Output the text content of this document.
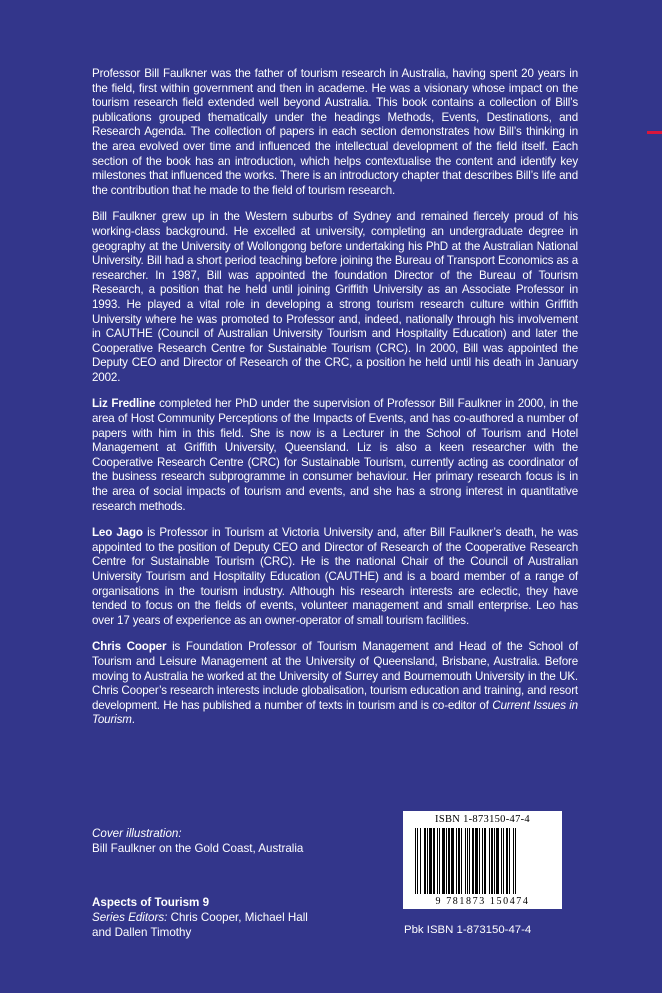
Professor Bill Faulkner was the father of tourism research in Australia, having spent 20 years in the field, first within government and then in academe. He was a visionary whose impact on the tourism research field extended well beyond Australia. This book contains a collection of Bill’s publications grouped thematically under the headings Methods, Events, Destinations, and Research Agenda. The collection of papers in each section demonstrates how Bill’s thinking in the area evolved over time and influenced the intellectual development of the field itself. Each section of the book has an introduction, which helps contextualise the content and identify key milestones that influenced the works. There is an introductory chapter that describes Bill’s life and the contribution that he made to the field of tourism research.

Bill Faulkner grew up in the Western suburbs of Sydney and remained fiercely proud of his working-class background. He excelled at university, completing an undergraduate degree in geography at the University of Wollongong before undertaking his PhD at the Australian National University. Bill had a short period teaching before joining the Bureau of Transport Economics as a researcher. In 1987, Bill was appointed the foundation Director of the Bureau of Tourism Research, a position that he held until joining Griffith University as an Associate Professor in 1993. He played a vital role in developing a strong tourism research culture within Griffith University where he was promoted to Professor and, indeed, nationally through his involvement in CAUTHE (Council of Australian University Tourism and Hospitality Education) and later the Cooperative Research Centre for Sustainable Tourism (CRC). In 2000, Bill was appointed the Deputy CEO and Director of Research of the CRC, a position he held until his death in January 2002.

Liz Fredline completed her PhD under the supervision of Professor Bill Faulkner in 2000, in the area of Host Community Perceptions of the Impacts of Events, and has co-authored a number of papers with him in this field. She is now is a Lecturer in the School of Tourism and Hotel Management at Griffith University, Queensland. Liz is also a keen researcher with the Cooperative Research Centre (CRC) for Sustainable Tourism, currently acting as coordinator of the business research subprogramme in consumer behaviour. Her primary research focus is in the area of social impacts of tourism and events, and she has a strong interest in quantitative research methods.

Leo Jago is Professor in Tourism at Victoria University and, after Bill Faulkner’s death, he was appointed to the position of Deputy CEO and Director of Research of the Cooperative Research Centre for Sustainable Tourism (CRC). He is the national Chair of the Council of Australian University Tourism and Hospitality Education (CAUTHE) and is a board member of a range of organisations in the tourism industry. Although his research interests are eclectic, they have tended to focus on the fields of events, volunteer management and small enterprise. Leo has over 17 years of experience as an owner-operator of small tourism facilities.

Chris Cooper is Foundation Professor of Tourism Management and Head of the School of Tourism and Leisure Management at the University of Queensland, Brisbane, Australia. Before moving to Australia he worked at the University of Surrey and Bournemouth University in the UK. Chris Cooper’s research interests include globalisation, tourism education and training, and resort development. He has published a number of texts in tourism and is co-editor of Current Issues in Tourism.

Cover illustration:
Bill Faulkner on the Gold Coast, Australia
Aspects of Tourism 9
Series Editors: Chris Cooper, Michael Hall
and Dallen Timothy
ISBN 1-873150-47-4
9 781873 150474
Pbk ISBN 1-873150-47-4
